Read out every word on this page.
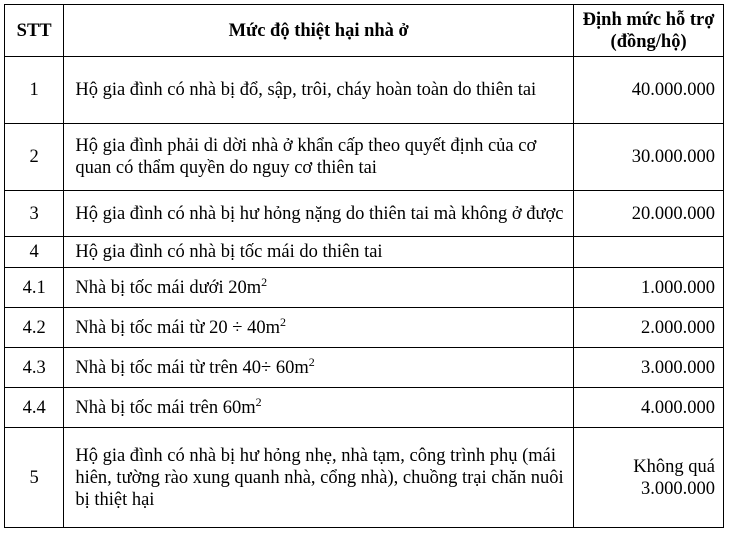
STT	Mức độ thiệt hại nhà ở	Định mức hỗ trợ (đồng/hộ)
1	Hộ gia đình có nhà bị đổ, sập, trôi, cháy hoàn toàn do thiên tai	40.000.000
2	Hộ gia đình phải di dời nhà ở khẩn cấp theo quyết định của cơ quan có thẩm quyền do nguy cơ thiên tai	30.000.000
3	Hộ gia đình có nhà bị hư hỏng nặng do thiên tai mà không ở được	20.000.000
4	Hộ gia đình có nhà bị tốc mái do thiên tai	
4.1	Nhà bị tốc mái dưới $20m^2$	1.000.000
4.2	Nhà bị tốc mái từ $20 \div 40m^2$	2.000.000
4.3	Nhà bị tốc mái từ trên $40\div 60m^2$	3.000.000
4.4	Nhà bị tốc mái trên $60m^2$	4.000.000
5	Hộ gia đình có nhà bị hư hỏng nhẹ, nhà tạm, công trình phụ (mái hiên, tường rào xung quanh nhà, cổng nhà), chuồng trại chăn nuôi bị thiệt hại	Không quá 3.000.000
